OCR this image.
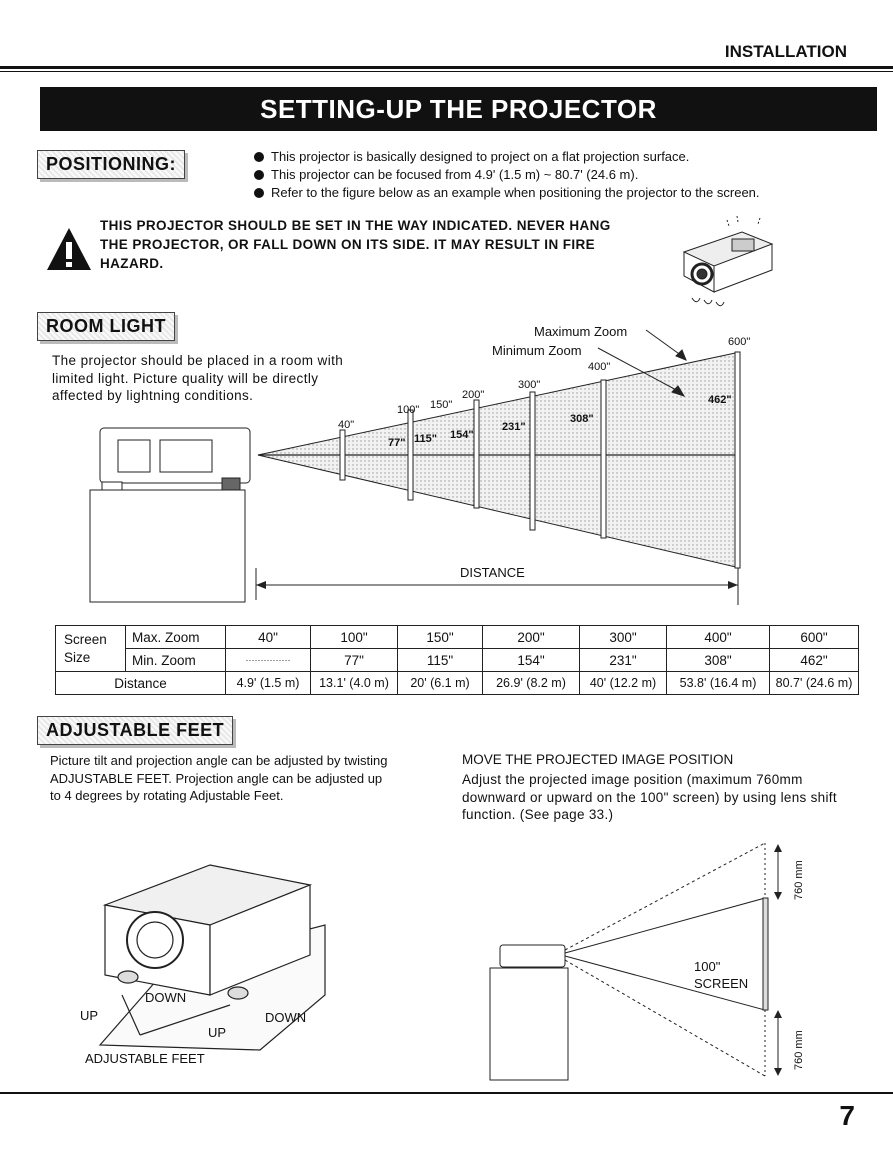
INSTALLATION
SETTING-UP THE PROJECTOR
POSITIONING:	This projector is basically designed to project on a flat projection surface.
This projector can be focused from 4.9' (1.5 m) ~ 80.7' (24.6 m).
Refer to the figure below as an example when positioning the projector to the screen.
THIS PROJECTOR SHOULD BE SET IN THE WAY INDICATED. NEVER HANG
THE PROJECTOR, OR FALL DOWN ON ITS SIDE. IT MAY RESULT IN FIRE
HAZARD.
ROOM LIGHT
The projector should be placed in a room with
limited light. Picture quality will be directly
affected by lightning conditions.
Maximum Zoom
Minimum Zoom
DISTANCE
40"
100" 150"
200"
300"
400"
600"
77" 115" 154"
231"
308"
462"
Screen
Size	Max. Zoom	40"	100"	150"	200"	300"	400"	600"
	Min. Zoom	···············	77"	115"	154"	231"	308"	462"
Distance		4.9' (1.5 m)	13.1' (4.0 m)	20' (6.1 m)	26.9' (8.2 m)	40' (12.2 m)	53.8' (16.4 m)	80.7' (24.6 m)
ADJUSTABLE FEET
Picture tilt and projection angle can be adjusted by twisting
ADJUSTABLE FEET. Projection angle can be adjusted up
to 4 degrees by rotating Adjustable Feet.
MOVE THE PROJECTED IMAGE POSITION
Adjust the projected image position (maximum 760mm
downward or upward on the 100" screen) by using lens shift
function. (See page 33.)
DOWN
UP	DOWN
UP
ADJUSTABLE FEET
100"
SCREEN
760 mm
760 mm
7
